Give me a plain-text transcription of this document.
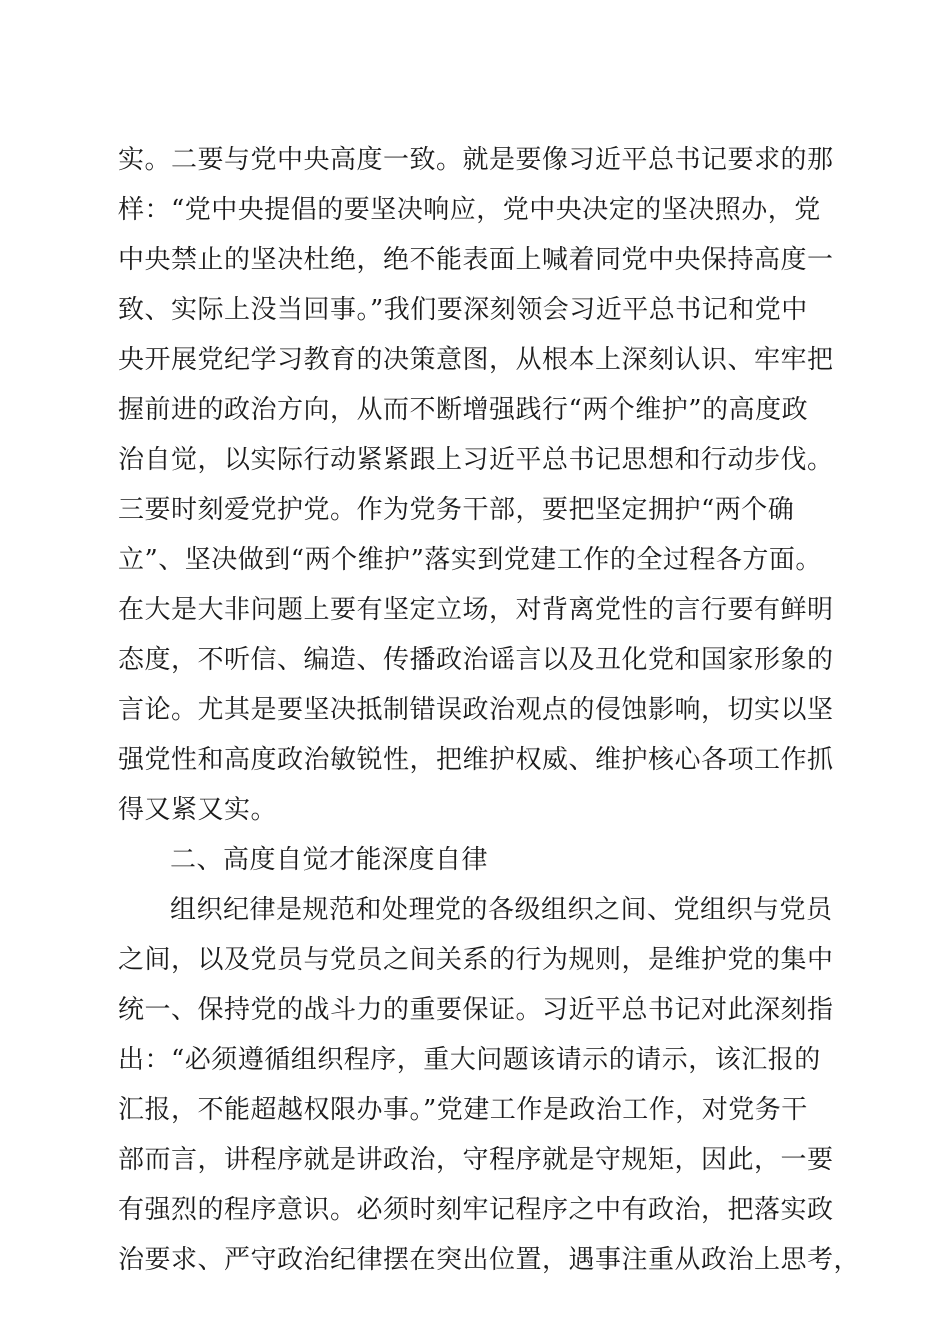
实。二要与党中央高度一致。就是要像习近平总书记要求的那
样：“党中央提倡的要坚决响应，党中央决定的坚决照办，党
中央禁止的坚决杜绝，绝不能表面上喊着同党中央保持高度一
致、实际上没当回事。”我们要深刻领会习近平总书记和党中
央开展党纪学习教育的决策意图，从根本上深刻认识、牢牢把
握前进的政治方向，从而不断增强践行“两个维护”的高度政
治自觉，以实际行动紧紧跟上习近平总书记思想和行动步伐。
三要时刻爱党护党。作为党务干部，要把坚定拥护“两个确
立”、坚决做到“两个维护”落实到党建工作的全过程各方面。
在大是大非问题上要有坚定立场，对背离党性的言行要有鲜明
态度，不听信、编造、传播政治谣言以及丑化党和国家形象的
言论。尤其是要坚决抵制错误政治观点的侵蚀影响，切实以坚
强党性和高度政治敏锐性，把维护权威、维护核心各项工作抓
得又紧又实。
二、高度自觉才能深度自律
组织纪律是规范和处理党的各级组织之间、党组织与党员
之间，以及党员与党员之间关系的行为规则，是维护党的集中
统一、保持党的战斗力的重要保证。习近平总书记对此深刻指
出：“必须遵循组织程序，重大问题该请示的请示，该汇报的
汇报，不能超越权限办事。”党建工作是政治工作，对党务干
部而言，讲程序就是讲政治，守程序就是守规矩，因此，一要
有强烈的程序意识。必须时刻牢记程序之中有政治，把落实政
治要求、严守政治纪律摆在突出位置，遇事注重从政治上思考，
